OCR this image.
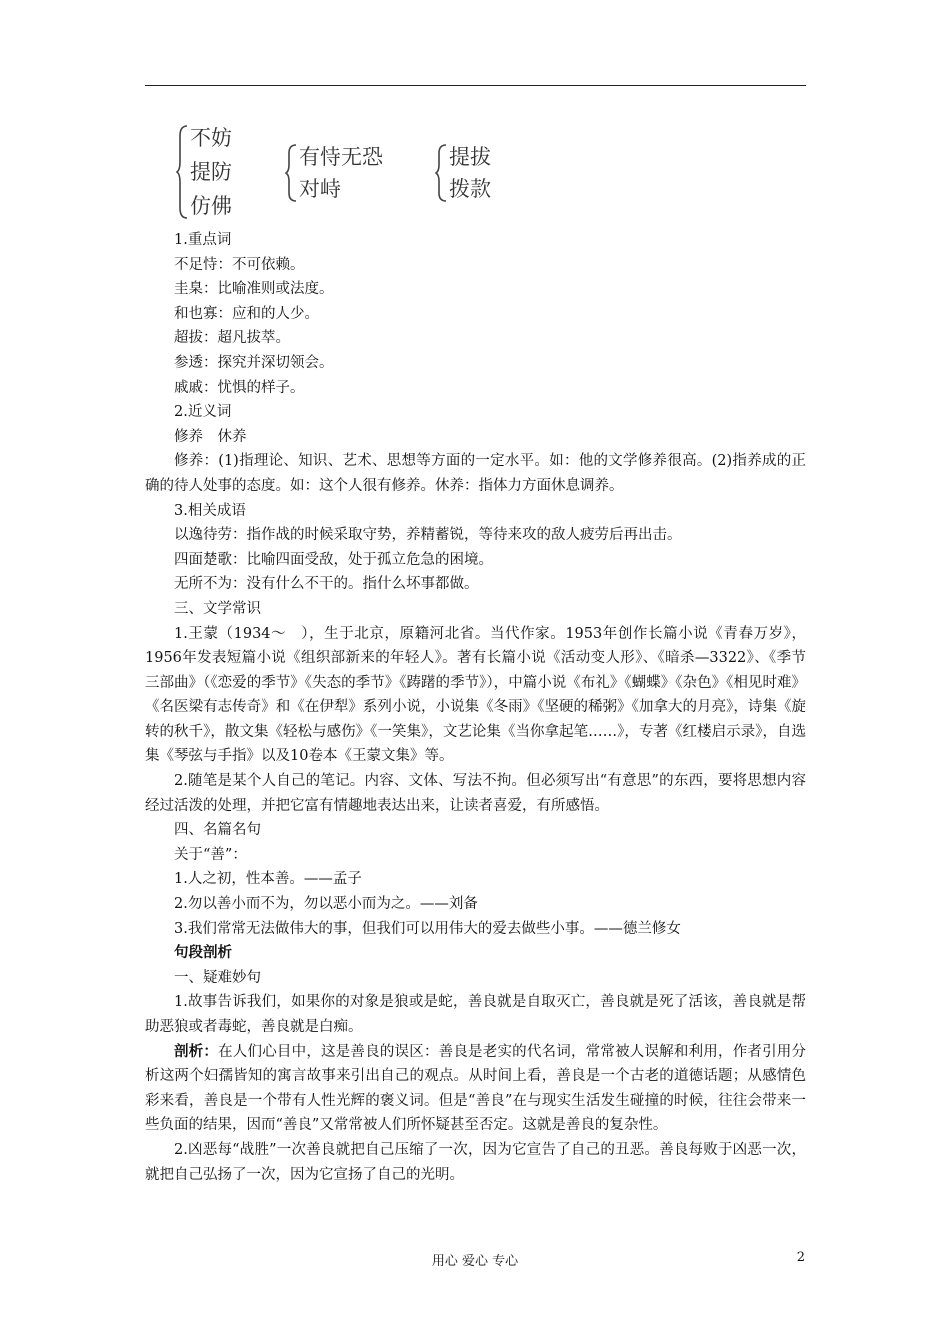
不妨
提防
仿佛
有恃无恐
对峙
提拔
拨款

1.重点词

不足恃：不可依赖。

圭臬：比喻准则或法度。

和也寡：应和的人少。

超拔：超凡拔萃。

参透：探究并深切领会。

戚戚：忧惧的样子。

2.近义词

修养　休养

修养：(1)指理论、知识、艺术、思想等方面的一定水平。如：他的文学修养很高。(2)指养成的正确的待人处事的态度。如：这个人很有修养。休养：指体力方面休息调养。

3.相关成语

以逸待劳：指作战的时候采取守势，养精蓄锐，等待来攻的敌人疲劳后再出击。

四面楚歌：比喻四面受敌，处于孤立危急的困境。

无所不为：没有什么不干的。指什么坏事都做。

三、文学常识

1.王蒙（1934～　），生于北京，原籍河北省。当代作家。1953年创作长篇小说《青春万岁》，1956年发表短篇小说《组织部新来的年轻人》。著有长篇小说《活动变人形》、《暗杀—3322》、《季节三部曲》（《恋爱的季节》《失态的季节》《踌躇的季节》），中篇小说《布礼》《蝴蝶》《杂色》《相见时难》《名医梁有志传奇》和《在伊犁》系列小说，小说集《冬雨》《坚硬的稀粥》《加拿大的月亮》，诗集《旋转的秋千》，散文集《轻松与感伤》《一笑集》，文艺论集《当你拿起笔……》，专著《红楼启示录》，自选集《琴弦与手指》以及10卷本《王蒙文集》等。

2.随笔是某个人自己的笔记。内容、文体、写法不拘。但必须写出“有意思”的东西，要将思想内容经过活泼的处理，并把它富有情趣地表达出来，让读者喜爱，有所感悟。

四、名篇名句

关于“善”：

1.人之初，性本善。——孟子

2.勿以善小而不为，勿以恶小而为之。——刘备

3.我们常常无法做伟大的事，但我们可以用伟大的爱去做些小事。——德兰修女

句段剖析

一、疑难妙句

1.故事告诉我们，如果你的对象是狼或是蛇，善良就是自取灭亡，善良就是死了活该，善良就是帮助恶狼或者毒蛇，善良就是白痴。

剖析：在人们心目中，这是善良的误区：善良是老实的代名词，常常被人误解和利用，作者引用分析这两个妇孺皆知的寓言故事来引出自己的观点。从时间上看，善良是一个古老的道德话题；从感情色彩来看，善良是一个带有人性光辉的褒义词。但是“善良”在与现实生活发生碰撞的时候，往往会带来一些负面的结果，因而“善良”又常常被人们所怀疑甚至否定。这就是善良的复杂性。

2.凶恶每“战胜”一次善良就把自己压缩了一次，因为它宣告了自己的丑恶。善良每败于凶恶一次，就把自己弘扬了一次，因为它宣扬了自己的光明。

用心 爱心 专心	2
